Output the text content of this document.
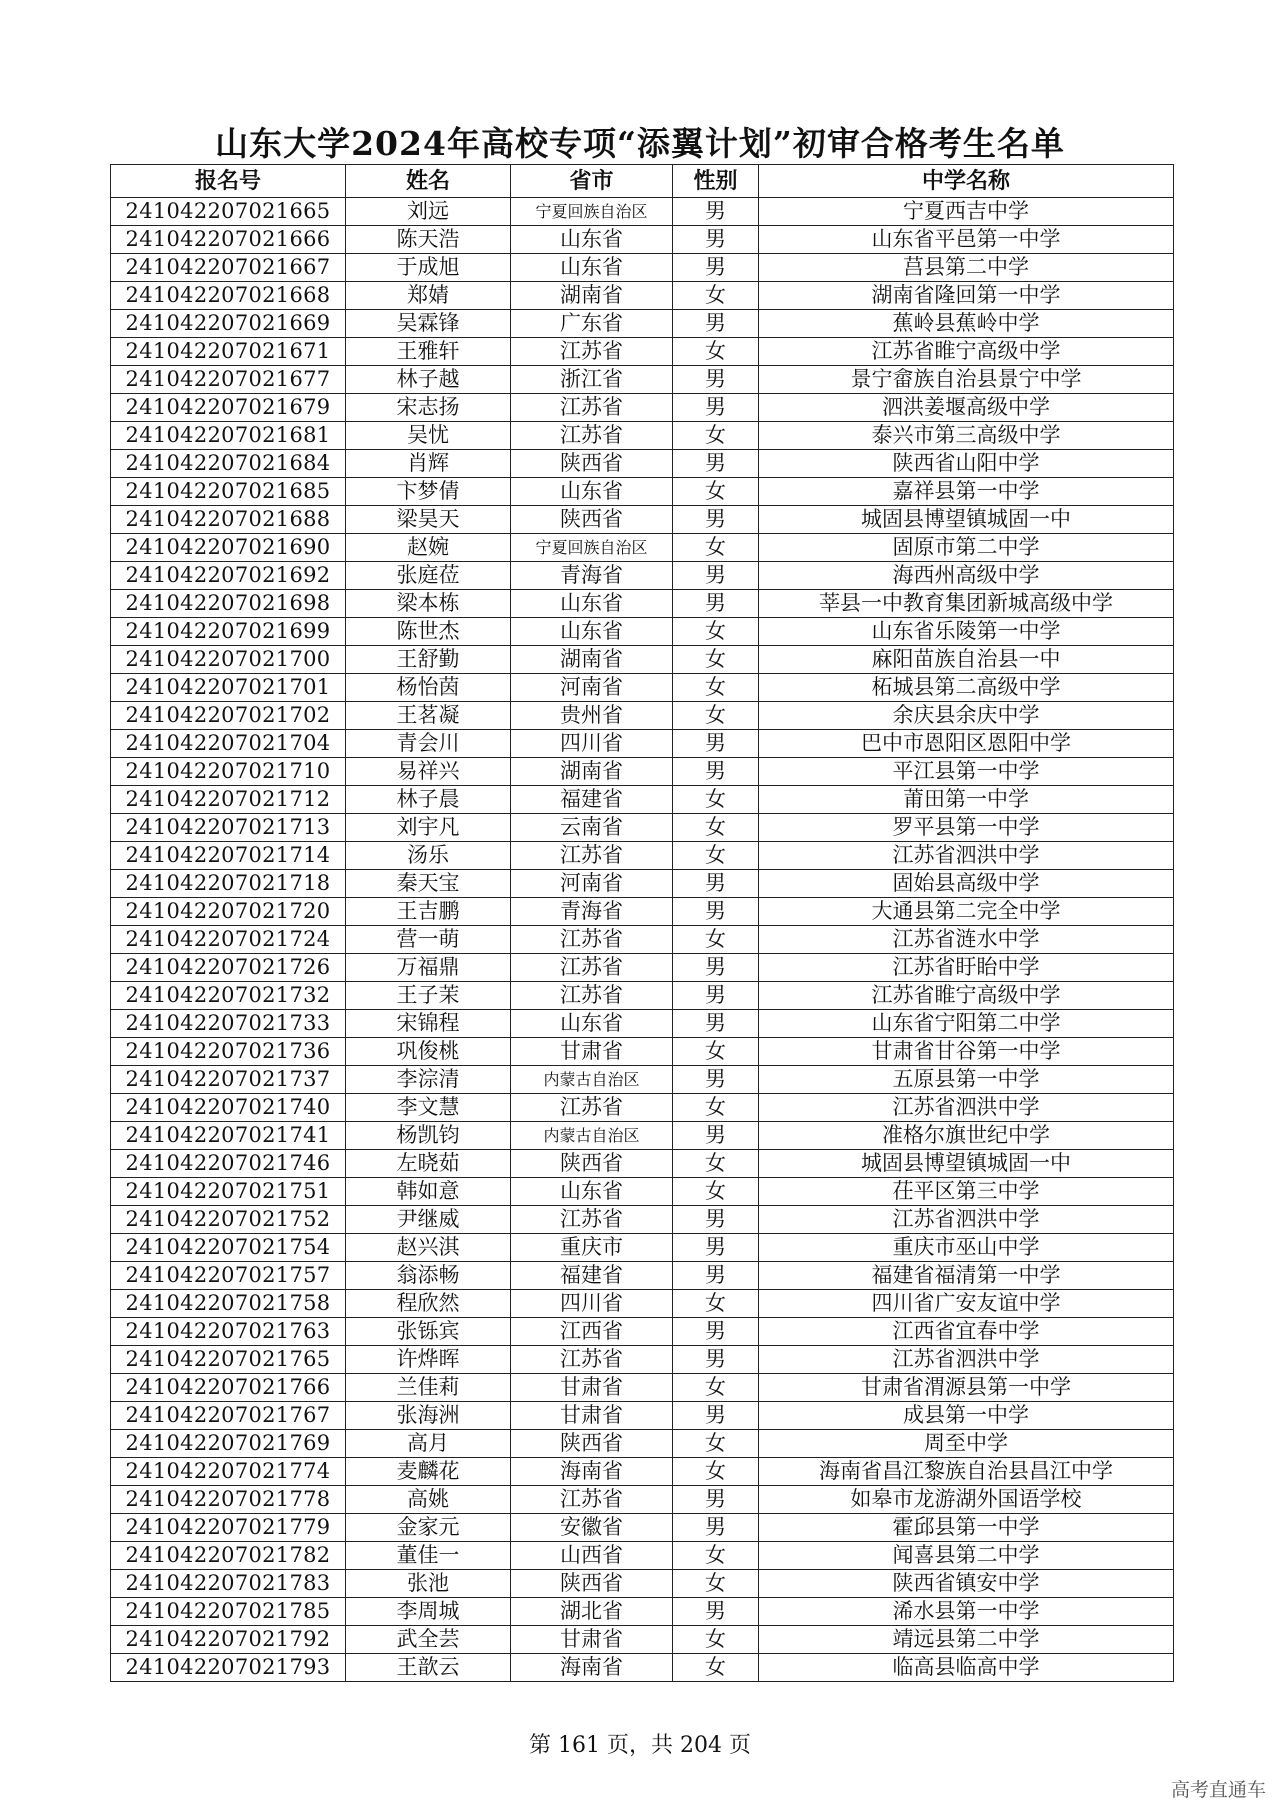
山东大学2024年高校专项“添翼计划”初审合格考生名单
报名号	姓名	省市	性别	中学名称
241042207021665	刘远	宁夏回族自治区	男	宁夏西吉中学
241042207021666	陈天浩	山东省	男	山东省平邑第一中学
241042207021667	于成旭	山东省	男	莒县第二中学
241042207021668	郑婧	湖南省	女	湖南省隆回第一中学
241042207021669	吴霖锋	广东省	男	蕉岭县蕉岭中学
241042207021671	王雅轩	江苏省	女	江苏省睢宁高级中学
241042207021677	林子越	浙江省	男	景宁畲族自治县景宁中学
241042207021679	宋志扬	江苏省	男	泗洪姜堰高级中学
241042207021681	吴忧	江苏省	女	泰兴市第三高级中学
241042207021684	肖辉	陕西省	男	陕西省山阳中学
241042207021685	卞梦倩	山东省	女	嘉祥县第一中学
241042207021688	梁昊天	陕西省	男	城固县博望镇城固一中
241042207021690	赵婉	宁夏回族自治区	女	固原市第二中学
241042207021692	张庭莅	青海省	男	海西州高级中学
241042207021698	梁本栋	山东省	男	莘县一中教育集团新城高级中学
241042207021699	陈世杰	山东省	女	山东省乐陵第一中学
241042207021700	王舒勤	湖南省	女	麻阳苗族自治县一中
241042207021701	杨怡茵	河南省	女	柘城县第二高级中学
241042207021702	王茗凝	贵州省	女	余庆县余庆中学
241042207021704	青会川	四川省	男	巴中市恩阳区恩阳中学
241042207021710	易祥兴	湖南省	男	平江县第一中学
241042207021712	林子晨	福建省	女	莆田第一中学
241042207021713	刘宇凡	云南省	女	罗平县第一中学
241042207021714	汤乐	江苏省	女	江苏省泗洪中学
241042207021718	秦天宝	河南省	男	固始县高级中学
241042207021720	王吉鹏	青海省	男	大通县第二完全中学
241042207021724	营一萌	江苏省	女	江苏省涟水中学
241042207021726	万福鼎	江苏省	男	江苏省盱眙中学
241042207021732	王子茉	江苏省	男	江苏省睢宁高级中学
241042207021733	宋锦程	山东省	男	山东省宁阳第二中学
241042207021736	巩俊桃	甘肃省	女	甘肃省甘谷第一中学
241042207021737	李淙清	内蒙古自治区	男	五原县第一中学
241042207021740	李文慧	江苏省	女	江苏省泗洪中学
241042207021741	杨凯钧	内蒙古自治区	男	准格尔旗世纪中学
241042207021746	左晓茹	陕西省	女	城固县博望镇城固一中
241042207021751	韩如意	山东省	女	茌平区第三中学
241042207021752	尹继威	江苏省	男	江苏省泗洪中学
241042207021754	赵兴淇	重庆市	男	重庆市巫山中学
241042207021757	翁添畅	福建省	男	福建省福清第一中学
241042207021758	程欣然	四川省	女	四川省广安友谊中学
241042207021763	张铄宾	江西省	男	江西省宜春中学
241042207021765	许烨晖	江苏省	男	江苏省泗洪中学
241042207021766	兰佳莉	甘肃省	女	甘肃省渭源县第一中学
241042207021767	张海洲	甘肃省	男	成县第一中学
241042207021769	高月	陕西省	女	周至中学
241042207021774	麦麟花	海南省	女	海南省昌江黎族自治县昌江中学
241042207021778	高姚	江苏省	男	如皋市龙游湖外国语学校
241042207021779	金家元	安徽省	男	霍邱县第一中学
241042207021782	董佳一	山西省	女	闻喜县第二中学
241042207021783	张池	陕西省	女	陕西省镇安中学
241042207021785	李周城	湖北省	男	浠水县第一中学
241042207021792	武全芸	甘肃省	女	靖远县第二中学
241042207021793	王歆云	海南省	女	临高县临高中学
第 161 页，共 204 页
高考直通车
